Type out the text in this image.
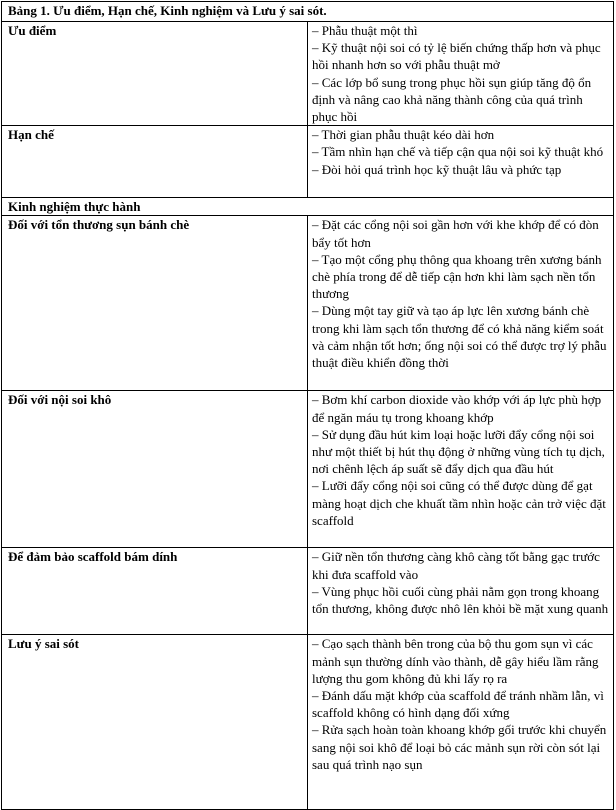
Bảng 1. Ưu điểm, Hạn chế, Kinh nghiệm và Lưu ý sai sót.	
Ưu điểm	– Phẫu thuật một thì
– Kỹ thuật nội soi có tỷ lệ biến chứng thấp hơn và phục hồi nhanh hơn so với phẫu thuật mở
– Các lớp bổ sung trong phục hồi sụn giúp tăng độ ổn định và nâng cao khả năng thành công của quá trình phục hồi

Hạn chế	– Thời gian phẫu thuật kéo dài hơn
– Tầm nhìn hạn chế và tiếp cận qua nội soi kỹ thuật khó
– Đòi hỏi quá trình học kỹ thuật lâu và phức tạp

Kinh nghiệm thực hành	
Đối với tổn thương sụn bánh chè	– Đặt các cổng nội soi gần hơn với khe khớp để có đòn bẩy tốt hơn
– Tạo một cổng phụ thông qua khoang trên xương bánh chè phía trong để dễ tiếp cận hơn khi làm sạch nền tổn thương
– Dùng một tay giữ và tạo áp lực lên xương bánh chè trong khi làm sạch tổn thương để có khả năng kiểm soát và cảm nhận tốt hơn; ống nội soi có thể được trợ lý phẫu thuật điều khiển đồng thời

Đối với nội soi khô	– Bơm khí carbon dioxide vào khớp với áp lực phù hợp để ngăn máu tụ trong khoang khớp
– Sử dụng đầu hút kim loại hoặc lưỡi đẩy cổng nội soi như một thiết bị hút thụ động ở những vùng tích tụ dịch, nơi chênh lệch áp suất sẽ đẩy dịch qua đầu hút
– Lưỡi đẩy cổng nội soi cũng có thể được dùng để gạt màng hoạt dịch che khuất tầm nhìn hoặc cản trở việc đặt scaffold

Để đảm bảo scaffold bám dính	– Giữ nền tổn thương càng khô càng tốt bằng gạc trước khi đưa scaffold vào
– Vùng phục hồi cuối cùng phải nằm gọn trong khoang tổn thương, không được nhô lên khỏi bề mặt xung quanh

Lưu ý sai sót	– Cạo sạch thành bên trong của bộ thu gom sụn vì các mảnh sụn thường dính vào thành, dễ gây hiểu lầm rằng lượng thu gom không đủ khi lấy rọ ra
– Đánh dấu mặt khớp của scaffold để tránh nhầm lẫn, vì scaffold không có hình dạng đối xứng
– Rửa sạch hoàn toàn khoang khớp gối trước khi chuyển sang nội soi khô để loại bỏ các mảnh sụn rời còn sót lại sau quá trình nạo sụn
